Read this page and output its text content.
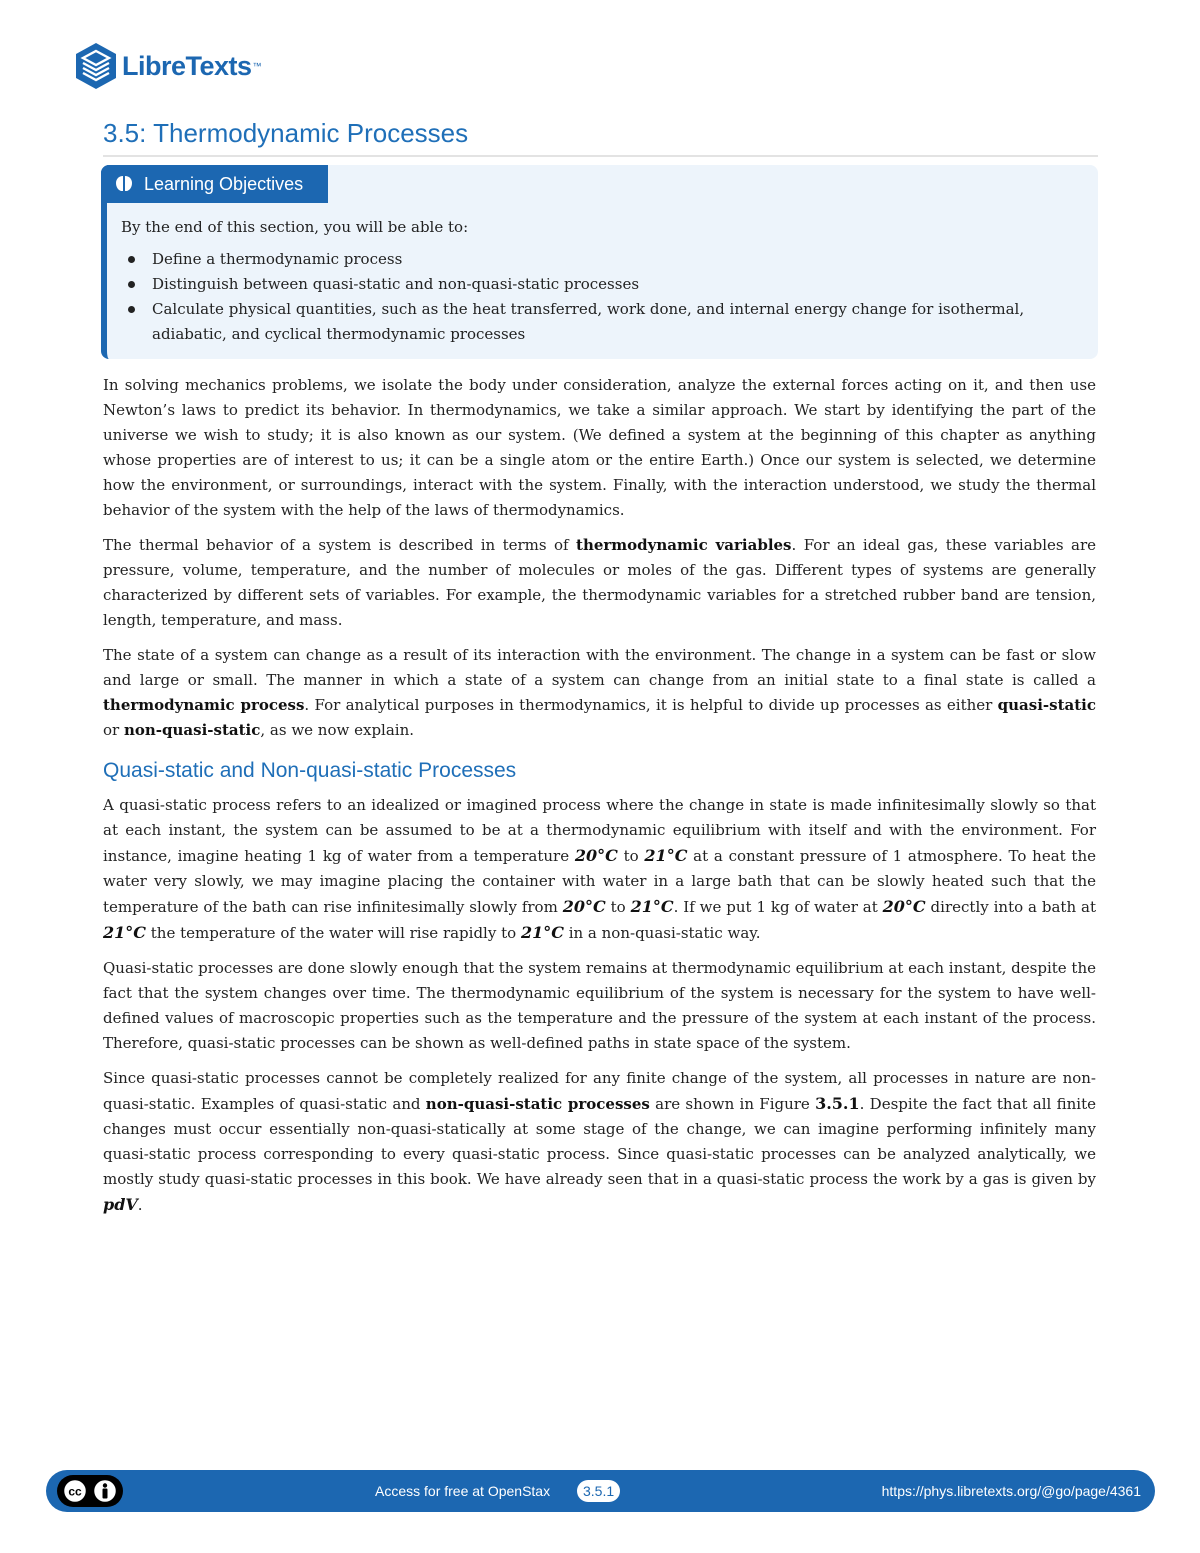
LibreTexts ™
3.5: Thermodynamic Processes
Learning Objectives

By the end of this section, you will be able to:

Define a thermodynamic process
Distinguish between quasi-static and non-quasi-static processes
Calculate physical quantities, such as the heat transferred, work done, and internal energy change for isothermal, adiabatic, and cyclical thermodynamic processes

In solving mechanics problems, we isolate the body under consideration, analyze the external forces acting on it, and then use Newton’s laws to predict its behavior. In thermodynamics, we take a similar approach. We start by identifying the part of the universe we wish to study; it is also known as our system. (We defined a system at the beginning of this chapter as anything whose properties are of interest to us; it can be a single atom or the entire Earth.) Once our system is selected, we determine how the environment, or surroundings, interact with the system. Finally, with the interaction understood, we study the thermal behavior of the system with the help of the laws of thermodynamics.

The thermal behavior of a system is described in terms of thermodynamic variables. For an ideal gas, these variables are pressure, volume, temperature, and the number of molecules or moles of the gas. Different types of systems are generally characterized by different sets of variables. For example, the thermodynamic variables for a stretched rubber band are tension, length, temperature, and mass.

The state of a system can change as a result of its interaction with the environment. The change in a system can be fast or slow and large or small. The manner in which a state of a system can change from an initial state to a final state is called a thermodynamic process. For analytical purposes in thermodynamics, it is helpful to divide up processes as either quasi-static or non-quasi-static, as we now explain.

Quasi-static and Non-quasi-static Processes

A quasi-static process refers to an idealized or imagined process where the change in state is made infinitesimally slowly so that at each instant, the system can be assumed to be at a thermodynamic equilibrium with itself and with the environment. For instance, imagine heating 1 kg of water from a temperature 20°C to 21°C at a constant pressure of 1 atmosphere. To heat the water very slowly, we may imagine placing the container with water in a large bath that can be slowly heated such that the temperature of the bath can rise infinitesimally slowly from 20°C to 21°C. If we put 1 kg of water at 20°C directly into a bath at 21°C the temperature of the water will rise rapidly to 21°C in a non-quasi-static way.

Quasi-static processes are done slowly enough that the system remains at thermodynamic equilibrium at each instant, despite the fact that the system changes over time. The thermodynamic equilibrium of the system is necessary for the system to have well-defined values of macroscopic properties such as the temperature and the pressure of the system at each instant of the process. Therefore, quasi-static processes can be shown as well-defined paths in state space of the system.

Since quasi-static processes cannot be completely realized for any finite change of the system, all processes in nature are non-quasi-static. Examples of quasi-static and non-quasi-static processes are shown in Figure 3.5.1. Despite the fact that all finite changes must occur essentially non-quasi-statically at some stage of the change, we can imagine performing infinitely many quasi-static process corresponding to every quasi-static process. Since quasi-static processes can be analyzed analytically, we mostly study quasi-static processes in this book. We have already seen that in a quasi-static process the work by a gas is given by pdV.

cc	Access for free at OpenStax	3.5.1	https://phys.libretexts.org/@go/page/4361
